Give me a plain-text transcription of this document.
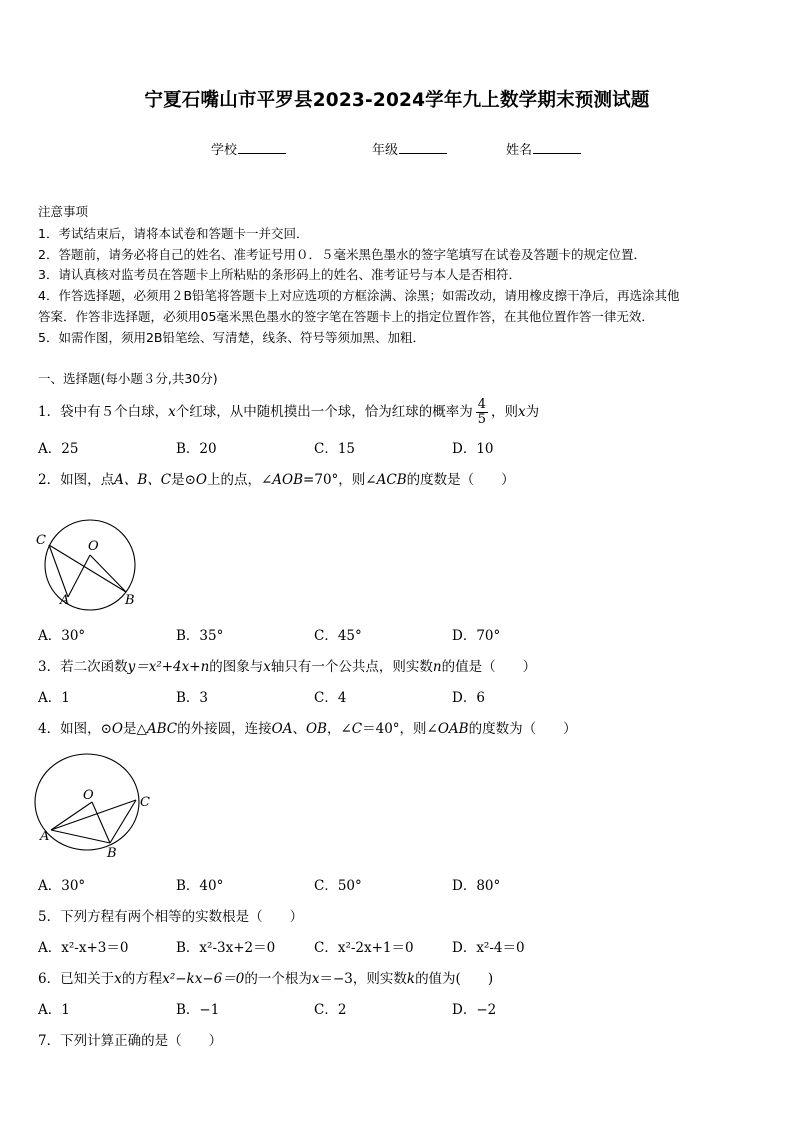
宁夏石嘴山市平罗县2023-2024学年九上数学期末预测试题
学校	年级	姓名
注意事项
1．考试结束后，请将本试卷和答题卡一并交回．
2．答题前，请务必将自己的姓名、准考证号用０．５毫米黑色墨水的签字笔填写在试卷及答题卡的规定位置．
3．请认真核对监考员在答题卡上所粘贴的条形码上的姓名、准考证号与本人是否相符．
4．作答选择题，必须用２B铅笔将答题卡上对应选项的方框涂满、涂黑；如需改动，请用橡皮擦干净后，再选涂其他
答案．作答非选择题，必须用05毫米黑色墨水的签字笔在答题卡上的指定位置作答，在其他位置作答一律无效．
5．如需作图，须用2B铅笔绘、写清楚，线条、符号等须加黑、加粗．
一、选择题(每小题３分,共30分)
1．袋中有５个白球，x个红球，从中随机摸出一个球，恰为红球的概率为 $\frac{4}{5}$ ，则x为
A．25	B．20	C．15	D．10
2．如图，点A、B、C是⊙O上的点，∠AOB=70°，则∠ACB的度数是（　　）
C	O
A	B
A．30°	B．35°	C．45°	D．70°
3．若二次函数y＝x²+4x+n的图象与x轴只有一个公共点，则实数n的值是（　　）
A．1	B．3	C．4	D．6
4．如图，⊙O是△ABC的外接圆，连接OA、OB，∠C＝40°，则∠OAB的度数为（　　）
O	C
A
B
A．30°	B．40°	C．50°	D．80°
5．下列方程有两个相等的实数根是（　　）
A．x²-x+3＝0	B．x²-3x+2＝0	C．x²-2x+1＝0	D．x²-4＝0
6．已知关于x的方程x²−kx−6＝0的一个根为x＝−3，则实数k的值为(　　)
A．1	B．−1	C．2	D．−2
7．下列计算正确的是（　　）
